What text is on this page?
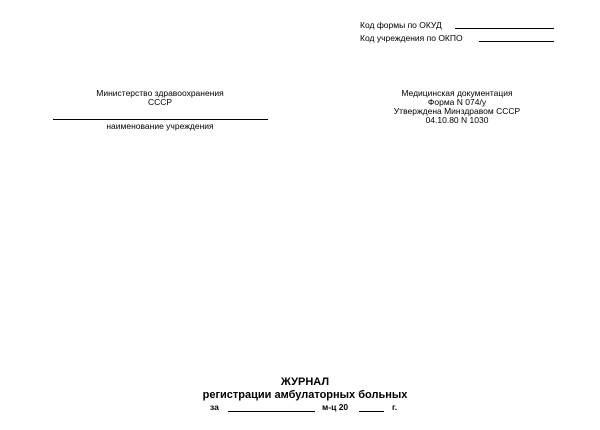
Код формы по ОКУД
Код учреждения по ОКПО
Министерство здравоохранения
СССР
наименование учреждения
Медицинская документация
Форма N 074/у
Утверждена Минздравом СССР
04.10.80 N 1030
ЖУРНАЛ
регистрации амбулаторных больных
за	м-ц 20	г.
